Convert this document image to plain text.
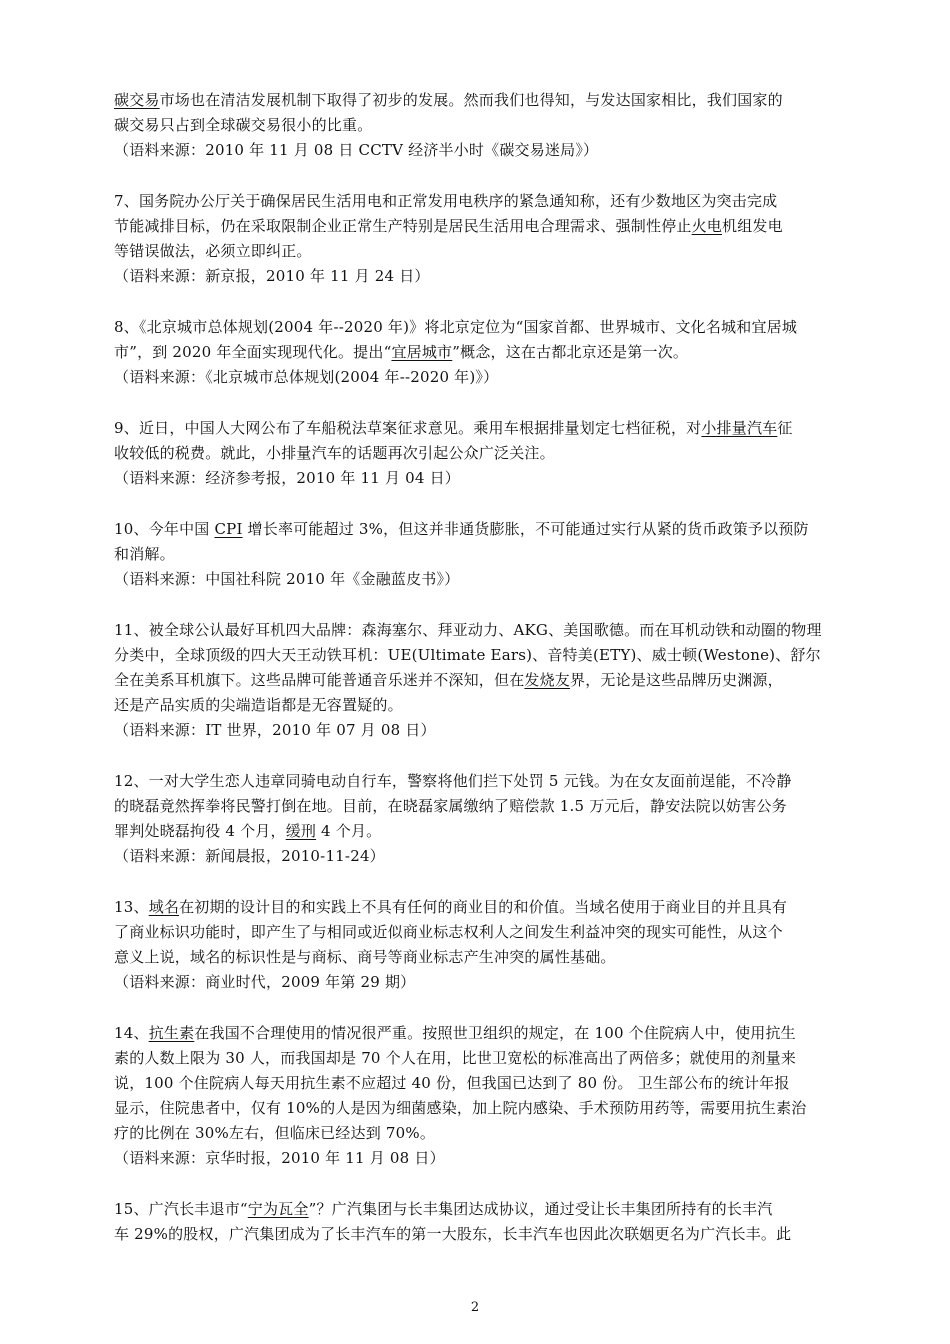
碳交易市场也在清洁发展机制下取得了初步的发展。然而我们也得知，与发达国家相比，我们国家的
碳交易只占到全球碳交易很小的比重。
（语料来源：2010 年 11 月 08 日 CCTV 经济半小时《碳交易迷局》）
7、国务院办公厅关于确保居民生活用电和正常发用电秩序的紧急通知称，还有少数地区为突击完成
节能减排目标，仍在采取限制企业正常生产特别是居民生活用电合理需求、强制性停止火电机组发电
等错误做法，必须立即纠正。
（语料来源：新京报，2010 年 11 月 24 日）
8、《北京城市总体规划(2004 年--2020 年)》将北京定位为“国家首都、世界城市、文化名城和宜居城
市”，到 2020 年全面实现现代化。提出“宜居城市”概念，这在古都北京还是第一次。
（语料来源：《北京城市总体规划(2004 年--2020 年)》）
9、近日，中国人大网公布了车船税法草案征求意见。乘用车根据排量划定七档征税，对小排量汽车征
收较低的税费。就此，小排量汽车的话题再次引起公众广泛关注。
（语料来源：经济参考报，2010 年 11 月 04 日）
10、今年中国 CPI 增长率可能超过 3%，但这并非通货膨胀，不可能通过实行从紧的货币政策予以预防
和消解。
（语料来源：中国社科院 2010 年《金融蓝皮书》）
11、被全球公认最好耳机四大品牌：森海塞尔、拜亚动力、AKG、美国歌德。而在耳机动铁和动圈的物理
分类中，全球顶级的四大天王动铁耳机：UE(Ultimate Ears)、音特美(ETY)、威士顿(Westone)、舒尔
全在美系耳机旗下。这些品牌可能普通音乐迷并不深知，但在发烧友界，无论是这些品牌历史渊源，
还是产品实质的尖端造诣都是无容置疑的。
（语料来源：IT 世界，2010 年 07 月 08 日）
12、一对大学生恋人违章同骑电动自行车，警察将他们拦下处罚 5 元钱。为在女友面前逞能，不冷静
的晓磊竟然挥拳将民警打倒在地。目前，在晓磊家属缴纳了赔偿款 1.5 万元后，静安法院以妨害公务
罪判处晓磊拘役 4 个月，缓刑 4 个月。
（语料来源：新闻晨报，2010-11-24）
13、域名在初期的设计目的和实践上不具有任何的商业目的和价值。当域名使用于商业目的并且具有
了商业标识功能时，即产生了与相同或近似商业标志权利人之间发生利益冲突的现实可能性，从这个
意义上说，域名的标识性是与商标、商号等商业标志产生冲突的属性基础。
（语料来源：商业时代，2009 年第 29 期）
14、抗生素在我国不合理使用的情况很严重。按照世卫组织的规定，在 100 个住院病人中，使用抗生
素的人数上限为 30 人，而我国却是 70 个人在用，比世卫宽松的标准高出了两倍多；就使用的剂量来
说，100 个住院病人每天用抗生素不应超过 40 份，但我国已达到了 80 份。 卫生部公布的统计年报
显示，住院患者中，仅有 10%的人是因为细菌感染，加上院内感染、手术预防用药等，需要用抗生素治
疗的比例在 30%左右，但临床已经达到 70%。
（语料来源：京华时报，2010 年 11 月 08 日）
15、广汽长丰退市“宁为瓦全”？广汽集团与长丰集团达成协议，通过受让长丰集团所持有的长丰汽
车 29%的股权，广汽集团成为了长丰汽车的第一大股东，长丰汽车也因此次联姻更名为广汽长丰。此
2
